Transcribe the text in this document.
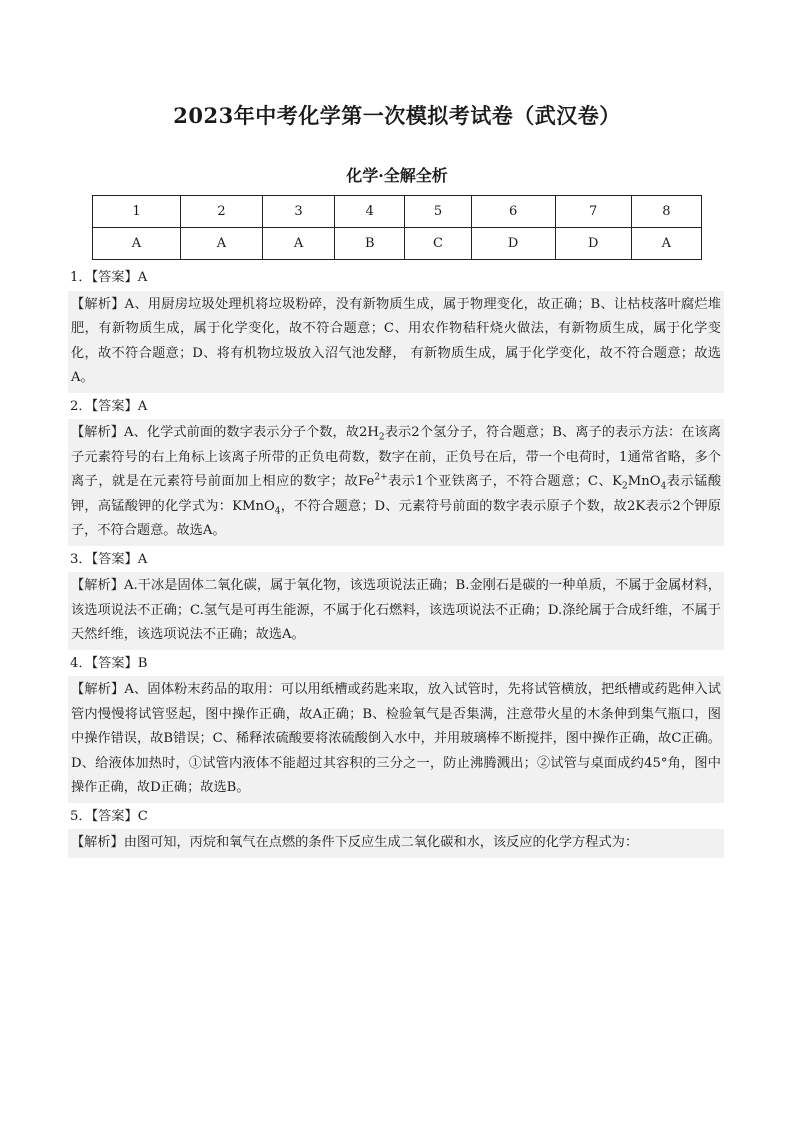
2023年中考化学第一次模拟考试卷（武汉卷）
化学·全解全析
1	2	3	4	5	6	7	8
A	A	A	B	C	D	D	A
1．【答案】A
【解析】A、用厨房垃圾处理机将垃圾粉碎，没有新物质生成，属于物理变化，故正确；B、让枯枝落叶腐烂堆肥，有新物质生成，属于化学变化，故不符合题意；C、用农作物秸秆烧火做法，有新物质生成，属于化学变化，故不符合题意；D、将有机物垃圾放入沼气池发酵， 有新物质生成，属于化学变化，故不符合题意；故选A。
2．【答案】A
【解析】A、化学式前面的数字表示分子个数，故$2H_2$表示2个氢分子，符合题意；B、离子的表示方法：在该离子元素符号的右上角标上该离子所带的正负电荷数，数字在前，正负号在后，带一个电荷时，1通常省略，多个离子，就是在元素符号前面加上相应的数字；故$Fe^{2+}$表示1个亚铁离子，不符合题意；C、$K_2MnO_4$表示锰酸钾，高锰酸钾的化学式为：KMnO$_4$，不符合题意；D、元素符号前面的数字表示原子个数，故2K表示2个钾原子，不符合题意。故选A。
3．【答案】A
【解析】A.干冰是固体二氧化碳，属于氧化物，该选项说法正确；B.金刚石是碳的一种单质，不属于金属材料，该选项说法不正确；C.氢气是可再生能源，不属于化石燃料，该选项说法不正确；D.涤纶属于合成纤维，不属于天然纤维，该选项说法不正确；故选A。
4．【答案】B
【解析】A、固体粉末药品的取用：可以用纸槽或药匙来取，放入试管时，先将试管横放，把纸槽或药匙伸入试管内慢慢将试管竖起，图中操作正确，故A正确；B、检验氧气是否集满，注意带火星的木条伸到集气瓶口，图中操作错误，故B错误；C、稀释浓硫酸要将浓硫酸倒入水中，并用玻璃棒不断搅拌，图中操作正确，故C正确。D、给液体加热时，①试管内液体不能超过其容积的三分之一，防止沸腾溅出；②试管与桌面成约45°角，图中操作正确，故D正确；故选B。
5．【答案】C
【解析】由图可知，丙烷和氧气在点燃的条件下反应生成二氧化碳和水，该反应的化学方程式为：
